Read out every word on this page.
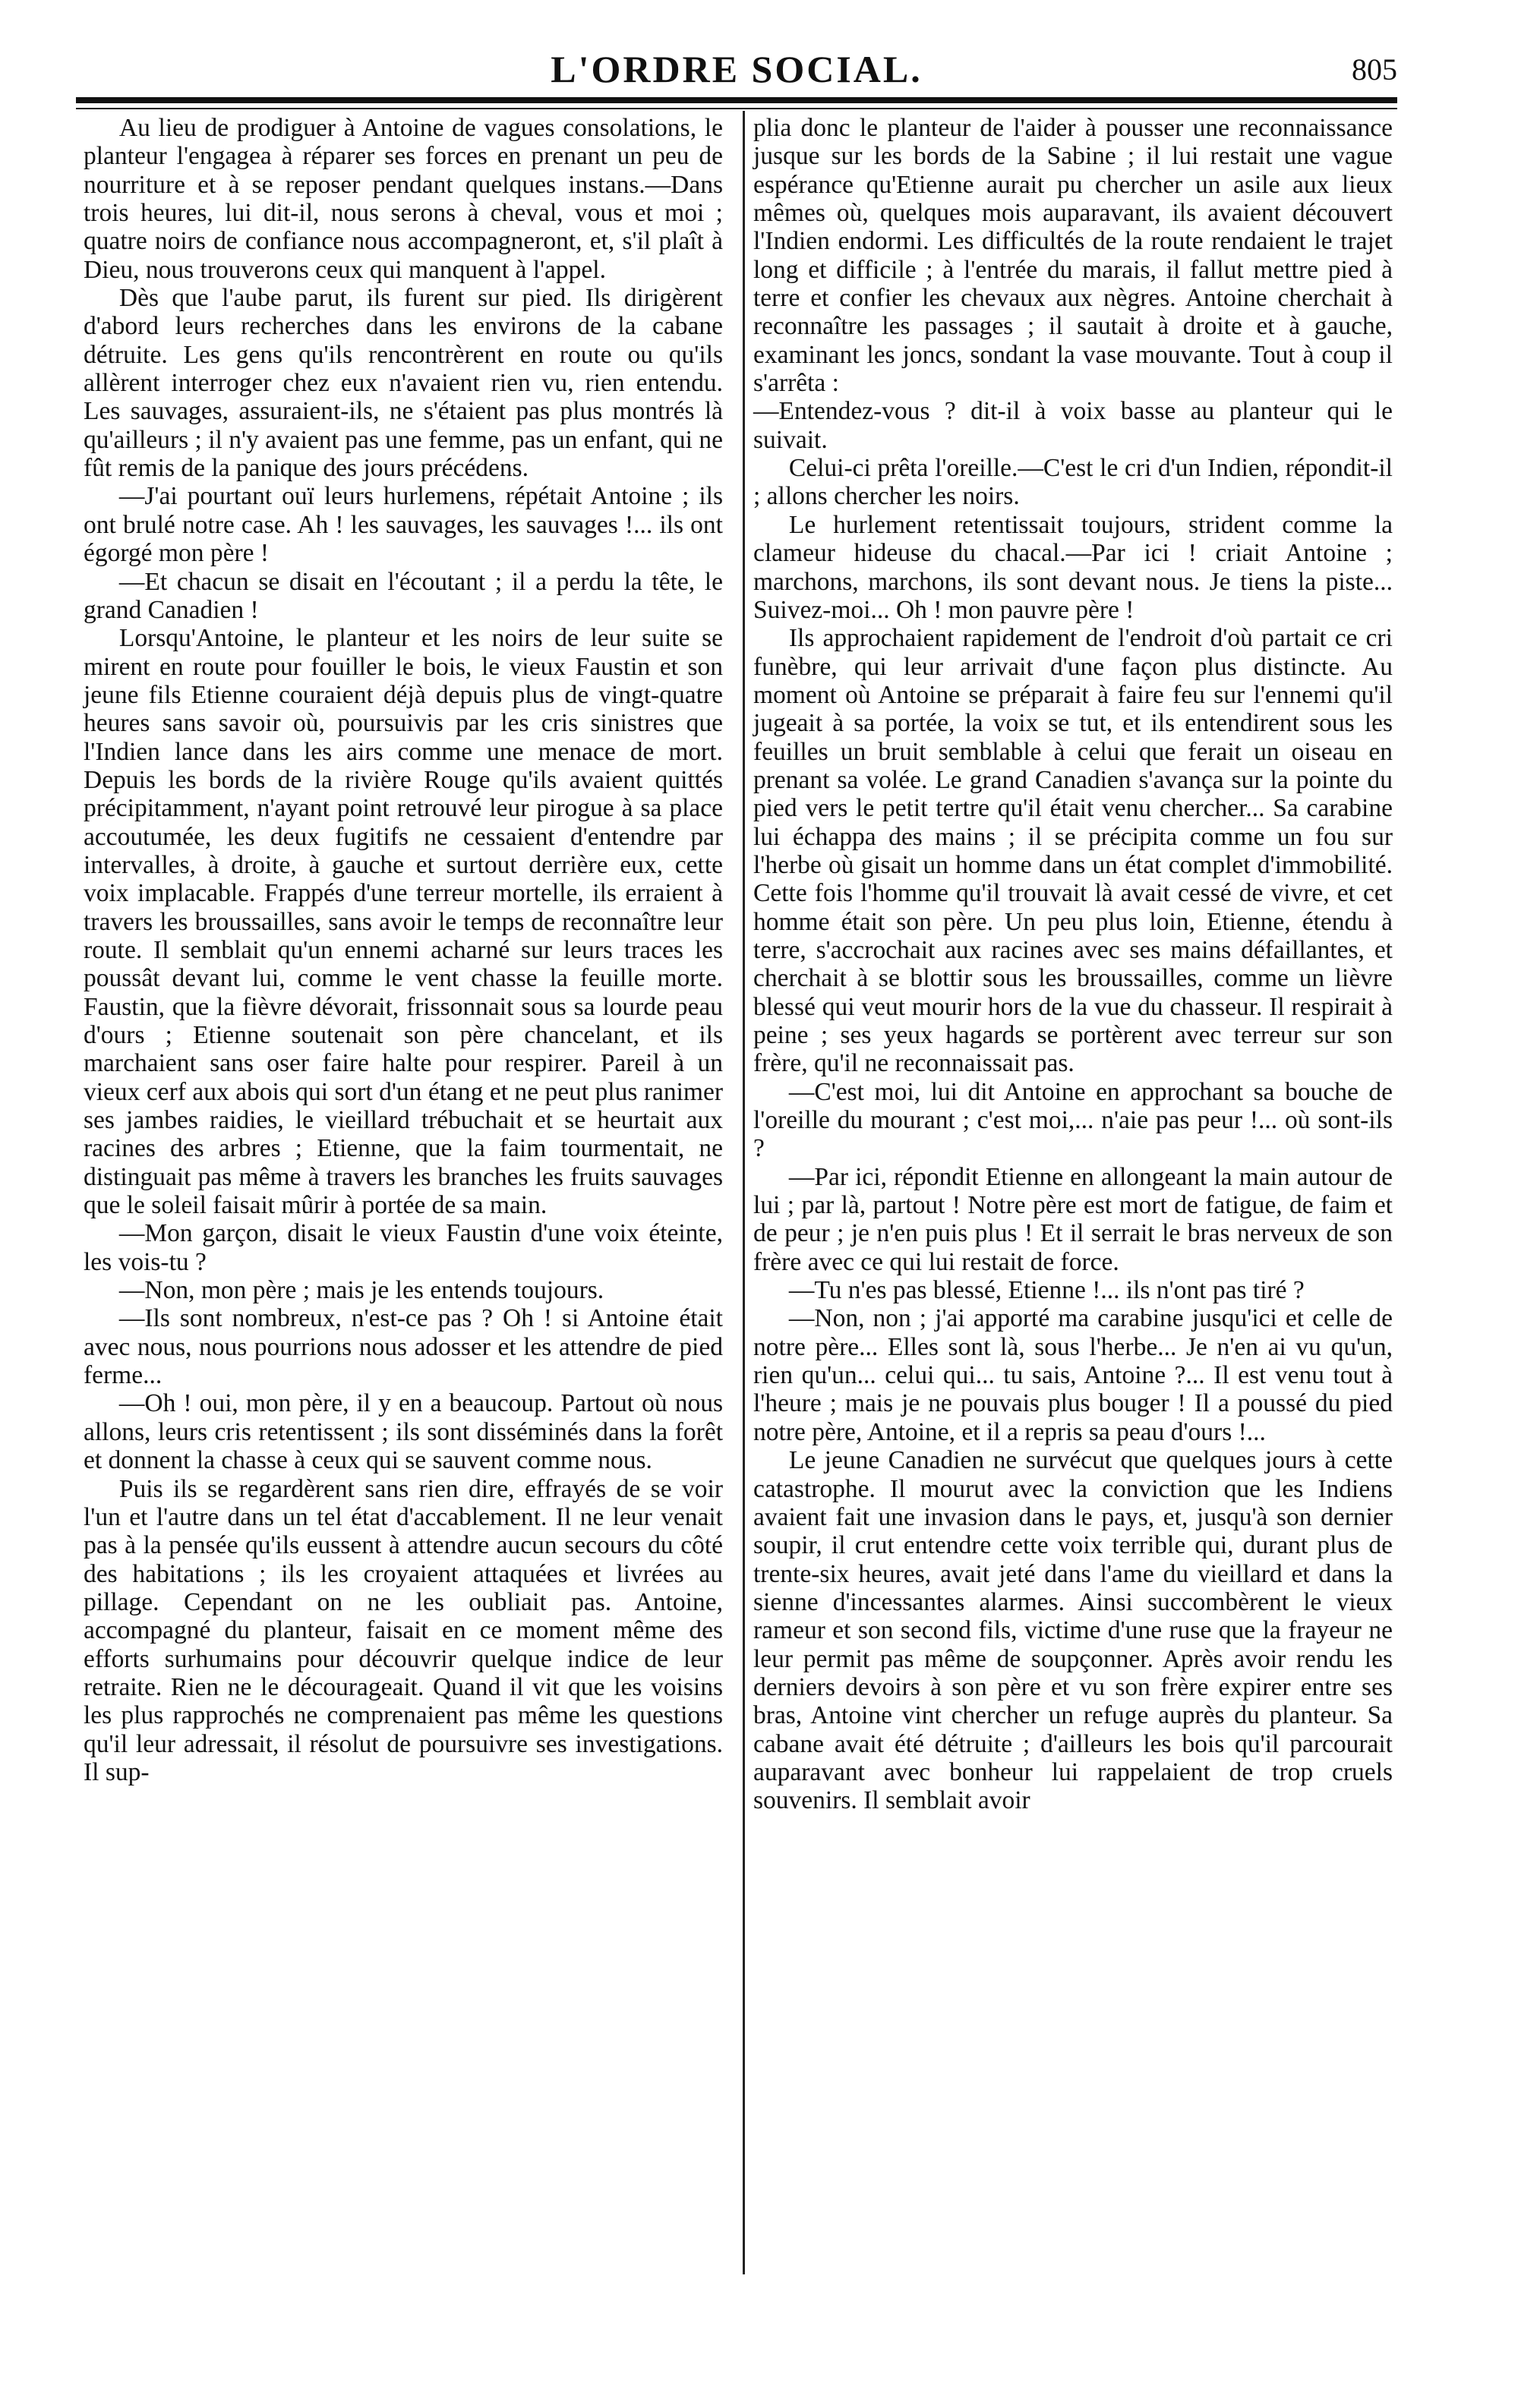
L'ORDRE SOCIAL.	805

Au lieu de prodiguer à Antoine de vagues consolations, le planteur l'engagea à réparer ses forces en prenant un peu de nourriture et à se reposer pendant quelques instans.—Dans trois heures, lui dit-il, nous serons à cheval, vous et moi ; quatre noirs de confiance nous accompagneront, et, s'il plaît à Dieu, nous trouverons ceux qui manquent à l'appel.

Dès que l'aube parut, ils furent sur pied. Ils dirigèrent d'abord leurs recherches dans les environs de la cabane détruite. Les gens qu'ils rencontrèrent en route ou qu'ils allèrent interroger chez eux n'avaient rien vu, rien entendu. Les sauvages, assuraient-ils, ne s'étaient pas plus montrés là qu'ailleurs ; il n'y avaient pas une femme, pas un enfant, qui ne fût remis de la panique des jours précédens.

—J'ai pourtant ouï leurs hurlemens, répétait Antoine ; ils ont brulé notre case. Ah ! les sauvages, les sauvages !... ils ont égorgé mon père !

—Et chacun se disait en l'écoutant ; il a perdu la tête, le grand Canadien !

Lorsqu'Antoine, le planteur et les noirs de leur suite se mirent en route pour fouiller le bois, le vieux Faustin et son jeune fils Etienne couraient déjà depuis plus de vingt-quatre heures sans savoir où, poursuivis par les cris sinistres que l'Indien lance dans les airs comme une menace de mort. Depuis les bords de la rivière Rouge qu'ils avaient quittés précipitamment, n'ayant point retrouvé leur pirogue à sa place accoutumée, les deux fugitifs ne cessaient d'entendre par intervalles, à droite, à gauche et surtout derrière eux, cette voix implacable. Frappés d'une terreur mortelle, ils erraient à travers les broussailles, sans avoir le temps de reconnaître leur route. Il semblait qu'un ennemi acharné sur leurs traces les poussât devant lui, comme le vent chasse la feuille morte. Faustin, que la fièvre dévorait, frissonnait sous sa lourde peau d'ours ; Etienne soutenait son père chancelant, et ils marchaient sans oser faire halte pour respirer. Pareil à un vieux cerf aux abois qui sort d'un étang et ne peut plus ranimer ses jambes raidies, le vieillard trébuchait et se heurtait aux racines des arbres ; Etienne, que la faim tourmentait, ne distinguait pas même à travers les branches les fruits sauvages que le soleil faisait mûrir à portée de sa main.

—Mon garçon, disait le vieux Faustin d'une voix éteinte, les vois-tu ?

—Non, mon père ; mais je les entends toujours.

—Ils sont nombreux, n'est-ce pas ? Oh ! si Antoine était avec nous, nous pourrions nous adosser et les attendre de pied ferme...

—Oh ! oui, mon père, il y en a beaucoup. Partout où nous allons, leurs cris retentissent ; ils sont disséminés dans la forêt et donnent la chasse à ceux qui se sauvent comme nous.

Puis ils se regardèrent sans rien dire, effrayés de se voir l'un et l'autre dans un tel état d'accablement. Il ne leur venait pas à la pensée qu'ils eussent à attendre aucun secours du côté des habitations ; ils les croyaient attaquées et livrées au pillage. Cependant on ne les oubliait pas. Antoine, accompagné du planteur, faisait en ce moment même des efforts surhumains pour découvrir quelque indice de leur retraite. Rien ne le décourageait. Quand il vit que les voisins les plus rapprochés ne comprenaient pas même les questions qu'il leur adressait, il résolut de poursuivre ses investigations. Il sup-

plia donc le planteur de l'aider à pousser une reconnaissance jusque sur les bords de la Sabine ; il lui restait une vague espérance qu'Etienne aurait pu chercher un asile aux lieux mêmes où, quelques mois auparavant, ils avaient découvert l'Indien endormi. Les difficultés de la route rendaient le trajet long et difficile ; à l'entrée du marais, il fallut mettre pied à terre et confier les chevaux aux nègres. Antoine cherchait à reconnaître les passages ; il sautait à droite et à gauche, examinant les joncs, sondant la vase mouvante. Tout à coup il s'arrêta :

—Entendez-vous ? dit-il à voix basse au planteur qui le suivait.

Celui-ci prêta l'oreille.—C'est le cri d'un Indien, répondit-il ; allons chercher les noirs.

Le hurlement retentissait toujours, strident comme la clameur hideuse du chacal.—Par ici ! criait Antoine ; marchons, marchons, ils sont devant nous. Je tiens la piste... Suivez-moi... Oh ! mon pauvre père !

Ils approchaient rapidement de l'endroit d'où partait ce cri funèbre, qui leur arrivait d'une façon plus distincte. Au moment où Antoine se préparait à faire feu sur l'ennemi qu'il jugeait à sa portée, la voix se tut, et ils entendirent sous les feuilles un bruit semblable à celui que ferait un oiseau en prenant sa volée. Le grand Canadien s'avança sur la pointe du pied vers le petit tertre qu'il était venu chercher... Sa carabine lui échappa des mains ; il se précipita comme un fou sur l'herbe où gisait un homme dans un état complet d'immobilité. Cette fois l'homme qu'il trouvait là avait cessé de vivre, et cet homme était son père. Un peu plus loin, Etienne, étendu à terre, s'accrochait aux racines avec ses mains défaillantes, et cherchait à se blottir sous les broussailles, comme un lièvre blessé qui veut mourir hors de la vue du chasseur. Il respirait à peine ; ses yeux hagards se portèrent avec terreur sur son frère, qu'il ne reconnaissait pas.

—C'est moi, lui dit Antoine en approchant sa bouche de l'oreille du mourant ; c'est moi,... n'aie pas peur !... où sont-ils ?

—Par ici, répondit Etienne en allongeant la main autour de lui ; par là, partout ! Notre père est mort de fatigue, de faim et de peur ; je n'en puis plus ! Et il serrait le bras nerveux de son frère avec ce qui lui restait de force.

—Tu n'es pas blessé, Etienne !... ils n'ont pas tiré ?

—Non, non ; j'ai apporté ma carabine jusqu'ici et celle de notre père... Elles sont là, sous l'herbe... Je n'en ai vu qu'un, rien qu'un... celui qui... tu sais, Antoine ?... Il est venu tout à l'heure ; mais je ne pouvais plus bouger ! Il a poussé du pied notre père, Antoine, et il a repris sa peau d'ours !...

Le jeune Canadien ne survécut que quelques jours à cette catastrophe. Il mourut avec la conviction que les Indiens avaient fait une invasion dans le pays, et, jusqu'à son dernier soupir, il crut entendre cette voix terrible qui, durant plus de trente-six heures, avait jeté dans l'ame du vieillard et dans la sienne d'incessantes alarmes. Ainsi succombèrent le vieux rameur et son second fils, victime d'une ruse que la frayeur ne leur permit pas même de soupçonner. Après avoir rendu les derniers devoirs à son père et vu son frère expirer entre ses bras, Antoine vint chercher un refuge auprès du planteur. Sa cabane avait été détruite ; d'ailleurs les bois qu'il parcourait auparavant avec bonheur lui rappelaient de trop cruels souvenirs. Il semblait avoir
